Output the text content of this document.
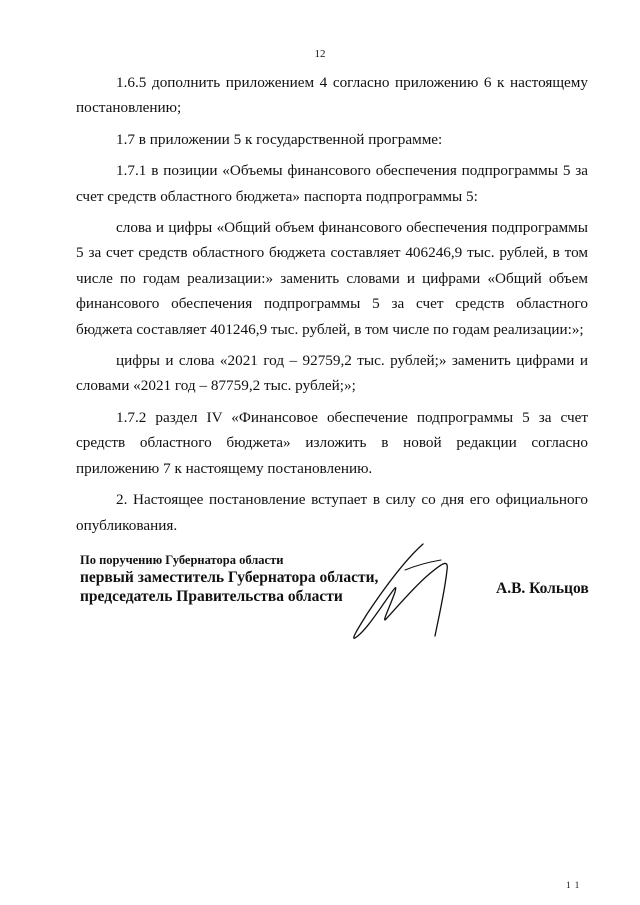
12

1.6.5 дополнить приложением 4 согласно приложению 6 к настоящему постановлению;

1.7 в приложении 5 к государственной программе:

1.7.1 в позиции «Объемы финансового обеспечения подпрограммы 5 за счет средств областного бюджета» паспорта подпрограммы 5:

слова и цифры «Общий объем финансового обеспечения подпрограммы 5 за счет средств областного бюджета составляет 406246,9 тыс. рублей, в том числе по годам реализации:» заменить словами и цифрами «Общий объем финансового обеспечения подпрограммы 5 за счет средств областного бюджета составляет 401246,9 тыс. рублей, в том числе по годам реализации:»;

цифры и слова «2021 год – 92759,2 тыс. рублей;» заменить цифрами и словами «2021 год – 87759,2 тыс. рублей;»;

1.7.2 раздел IV «Финансовое обеспечение подпрограммы 5 за счет средств областного бюджета» изложить в новой редакции согласно приложению 7 к настоящему постановлению.

2. Настоящее постановление вступает в силу со дня его официального опубликования.

По поручению Губернатора области
первый заместитель Губернатора области,
председатель Правительства области	А.В. Кольцов
1 1
